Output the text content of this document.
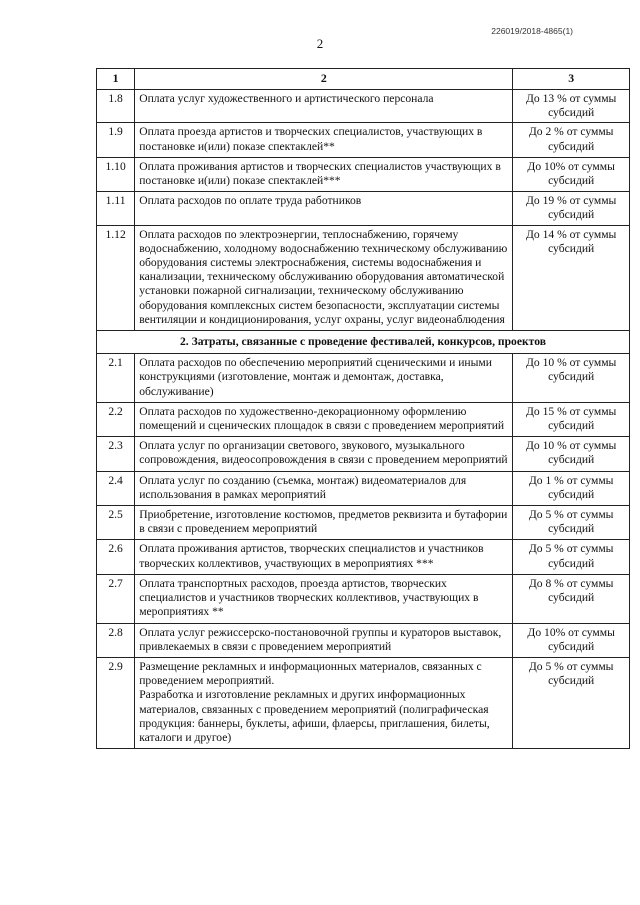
226019/2018-4865(1)
2
1	2	3
1.8	Оплата услуг художественного и артистического персонала	До 13 % от суммы субсидий
1.9	Оплата проезда артистов и творческих специалистов, участвующих в постановке и(или) показе спектаклей**	До 2 % от суммы субсидий
1.10	Оплата проживания артистов и творческих специалистов участвующих в постановке и(или) показе спектаклей***	До 10% от суммы субсидий
1.11	Оплата расходов по оплате труда работников	До 19 % от суммы субсидий
1.12	Оплата расходов по электроэнергии, теплоснабжению, горячему водоснабжению, холодному водоснабжению техническому обслуживанию оборудования системы электроснабжения, системы водоснабжения и канализации, техническому обслуживанию оборудования автоматической установки пожарной сигнализации, техническому обслуживанию оборудования комплексных систем безопасности, эксплуатации системы вентиляции и кондиционирования, услуг охраны, услуг видеонаблюдения	До 14 % от суммы субсидий
2. Затраты, связанные с проведение фестивалей, конкурсов, проектов		
2.1	Оплата расходов по обеспечению мероприятий сценическими и иными конструкциями (изготовление, монтаж и демонтаж, доставка, обслуживание)	До 10 % от суммы субсидий
2.2	Оплата расходов по художественно-декорационному оформлению помещений и сценических площадок в связи с проведением мероприятий	До 15 % от суммы субсидий
2.3	Оплата услуг по организации светового, звукового, музыкального сопровождения, видеосопровождения в связи с проведением мероприятий	До 10 % от суммы субсидий
2.4	Оплата услуг по созданию (съемка, монтаж) видеоматериалов для использования в рамках мероприятий	До 1 % от суммы субсидий
2.5	Приобретение, изготовление костюмов, предметов реквизита и бутафории в связи с проведением мероприятий	До 5 % от суммы субсидий
2.6	Оплата проживания артистов, творческих специалистов и участников творческих коллективов, участвующих в мероприятиях ***	До 5 % от суммы субсидий
2.7	Оплата транспортных расходов, проезда артистов, творческих специалистов и участников творческих коллективов, участвующих в мероприятиях **	До 8 % от суммы субсидий
2.8	Оплата услуг режиссерско-постановочной группы и кураторов выставок, привлекаемых в связи с проведением мероприятий	До 10% от суммы субсидий
2.9	Размещение рекламных и информационных материалов, связанных с проведением мероприятий.
Разработка и изготовление рекламных и других информационных материалов, связанных с проведением мероприятий (полиграфическая продукция: баннеры, буклеты, афиши, флаерсы, приглашения, билеты, каталоги и другое)	До 5 % от суммы субсидий
